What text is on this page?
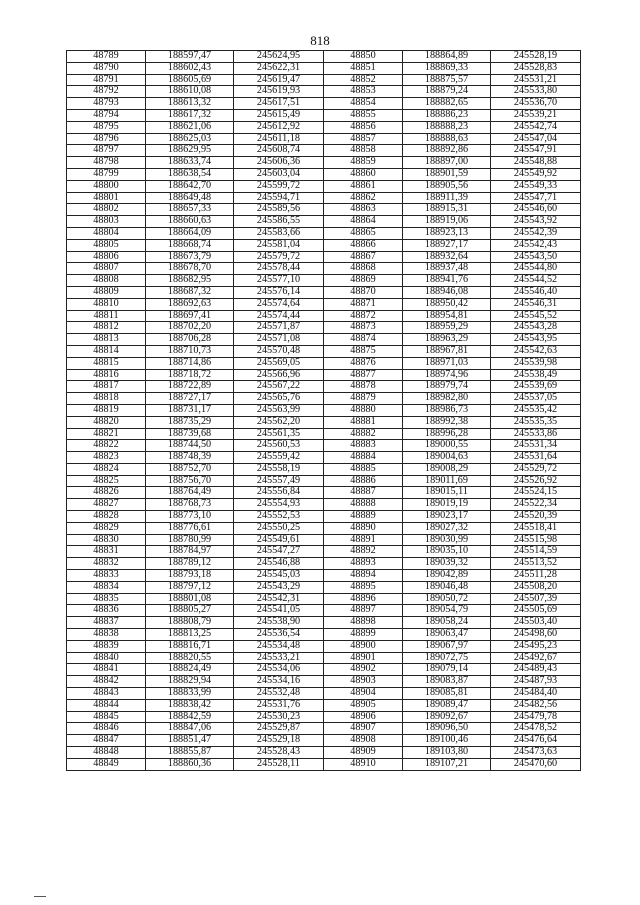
818
48789	188597,47	245624,95	48850	188864,89	245528,19
48790	188602,43	245622,31	48851	188869,33	245528,83
48791	188605,69	245619,47	48852	188875,57	245531,21
48792	188610,08	245619,93	48853	188879,24	245533,80
48793	188613,32	245617,51	48854	188882,65	245536,70
48794	188617,32	245615,49	48855	188886,23	245539,21
48795	188621,06	245612,92	48856	188888,23	245542,74
48796	188625,03	245611,18	48857	188888,63	245547,04
48797	188629,95	245608,74	48858	188892,86	245547,91
48798	188633,74	245606,36	48859	188897,00	245548,88
48799	188638,54	245603,04	48860	188901,59	245549,92
48800	188642,70	245599,72	48861	188905,56	245549,33
48801	188649,48	245594,71	48862	188911,39	245547,71
48802	188657,33	245589,56	48863	188915,31	245546,60
48803	188660,63	245586,55	48864	188919,06	245543,92
48804	188664,09	245583,66	48865	188923,13	245542,39
48805	188668,74	245581,04	48866	188927,17	245542,43
48806	188673,79	245579,72	48867	188932,64	245543,50
48807	188678,70	245578,44	48868	188937,48	245544,80
48808	188682,95	245577,10	48869	188941,76	245544,52
48809	188687,32	245576,14	48870	188946,08	245546,40
48810	188692,63	245574,64	48871	188950,42	245546,31
48811	188697,41	245574,44	48872	188954,81	245545,52
48812	188702,20	245571,87	48873	188959,29	245543,28
48813	188706,28	245571,08	48874	188963,29	245543,95
48814	188710,73	245570,48	48875	188967,81	245542,63
48815	188714,86	245569,05	48876	188971,03	245539,98
48816	188718,72	245566,96	48877	188974,96	245538,49
48817	188722,89	245567,22	48878	188979,74	245539,69
48818	188727,17	245565,76	48879	188982,80	245537,05
48819	188731,17	245563,99	48880	188986,73	245535,42
48820	188735,29	245562,20	48881	188992,38	245535,35
48821	188739,68	245561,35	48882	188996,28	245533,86
48822	188744,50	245560,53	48883	189000,55	245531,34
48823	188748,39	245559,42	48884	189004,63	245531,64
48824	188752,70	245558,19	48885	189008,29	245529,72
48825	188756,70	245557,49	48886	189011,69	245526,92
48826	188764,49	245556,84	48887	189015,11	245524,15
48827	188768,73	245554,93	48888	189019,19	245522,34
48828	188773,10	245552,53	48889	189023,17	245520,39
48829	188776,61	245550,25	48890	189027,32	245518,41
48830	188780,99	245549,61	48891	189030,99	245515,98
48831	188784,97	245547,27	48892	189035,10	245514,59
48832	188789,12	245546,88	48893	189039,32	245513,52
48833	188793,18	245545,03	48894	189042,89	245511,28
48834	188797,12	245543,29	48895	189046,48	245508,20
48835	188801,08	245542,31	48896	189050,72	245507,39
48836	188805,27	245541,05	48897	189054,79	245505,69
48837	188808,79	245538,90	48898	189058,24	245503,40
48838	188813,25	245536,54	48899	189063,47	245498,60
48839	188816,71	245534,48	48900	189067,97	245495,23
48840	188820,55	245533,21	48901	189072,75	245492,67
48841	188824,49	245534,06	48902	189079,14	245489,43
48842	188829,94	245534,16	48903	189083,87	245487,93
48843	188833,99	245532,48	48904	189085,81	245484,40
48844	188838,42	245531,76	48905	189089,47	245482,56
48845	188842,59	245530,23	48906	189092,67	245479,78
48846	188847,06	245529,87	48907	189096,50	245478,52
48847	188851,47	245529,18	48908	189100,46	245476,64
48848	188855,87	245528,43	48909	189103,80	245473,63
48849	188860,36	245528,11	48910	189107,21	245470,60
